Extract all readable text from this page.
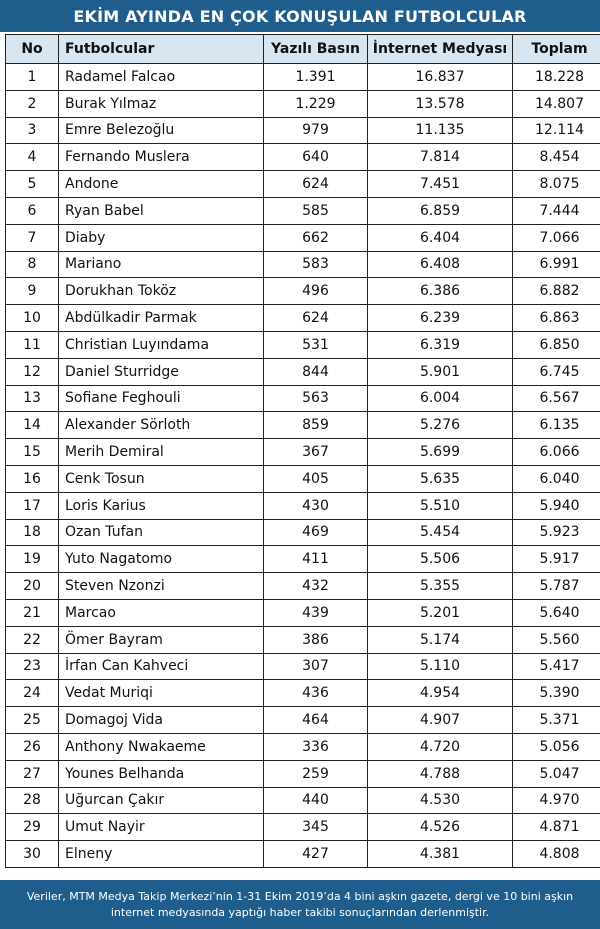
EKİM AYINDA EN ÇOK KONUŞULAN FUTBOLCULAR
No	Futbolcular	Yazılı Basın	İnternet Medyası	Toplam
1	Radamel Falcao	1.391	16.837	18.228
2	Burak Yılmaz	1.229	13.578	14.807
3	Emre Belezoğlu	979	11.135	12.114
4	Fernando Muslera	640	7.814	8.454
5	Andone	624	7.451	8.075
6	Ryan Babel	585	6.859	7.444
7	Diaby	662	6.404	7.066
8	Mariano	583	6.408	6.991
9	Dorukhan Toköz	496	6.386	6.882
10	Abdülkadir Parmak	624	6.239	6.863
11	Christian Luyındama	531	6.319	6.850
12	Daniel Sturridge	844	5.901	6.745
13	Sofiane Feghouli	563	6.004	6.567
14	Alexander Sörloth	859	5.276	6.135
15	Merih Demiral	367	5.699	6.066
16	Cenk Tosun	405	5.635	6.040
17	Loris Karius	430	5.510	5.940
18	Ozan Tufan	469	5.454	5.923
19	Yuto Nagatomo	411	5.506	5.917
20	Steven Nzonzi	432	5.355	5.787
21	Marcao	439	5.201	5.640
22	Ömer Bayram	386	5.174	5.560
23	İrfan Can Kahveci	307	5.110	5.417
24	Vedat Muriqi	436	4.954	5.390
25	Domagoj Vida	464	4.907	5.371
26	Anthony Nwakaeme	336	4.720	5.056
27	Younes Belhanda	259	4.788	5.047
28	Uğurcan Çakır	440	4.530	4.970
29	Umut Nayir	345	4.526	4.871
30	Elneny	427	4.381	4.808
Veriler, MTM Medya Takip Merkezi’nin 1-31 Ekim 2019’da 4 bini aşkın gazete, dergi ve 10 bini aşkın internet medyasında yaptığı haber takibi sonuçlarından derlenmiştir.
